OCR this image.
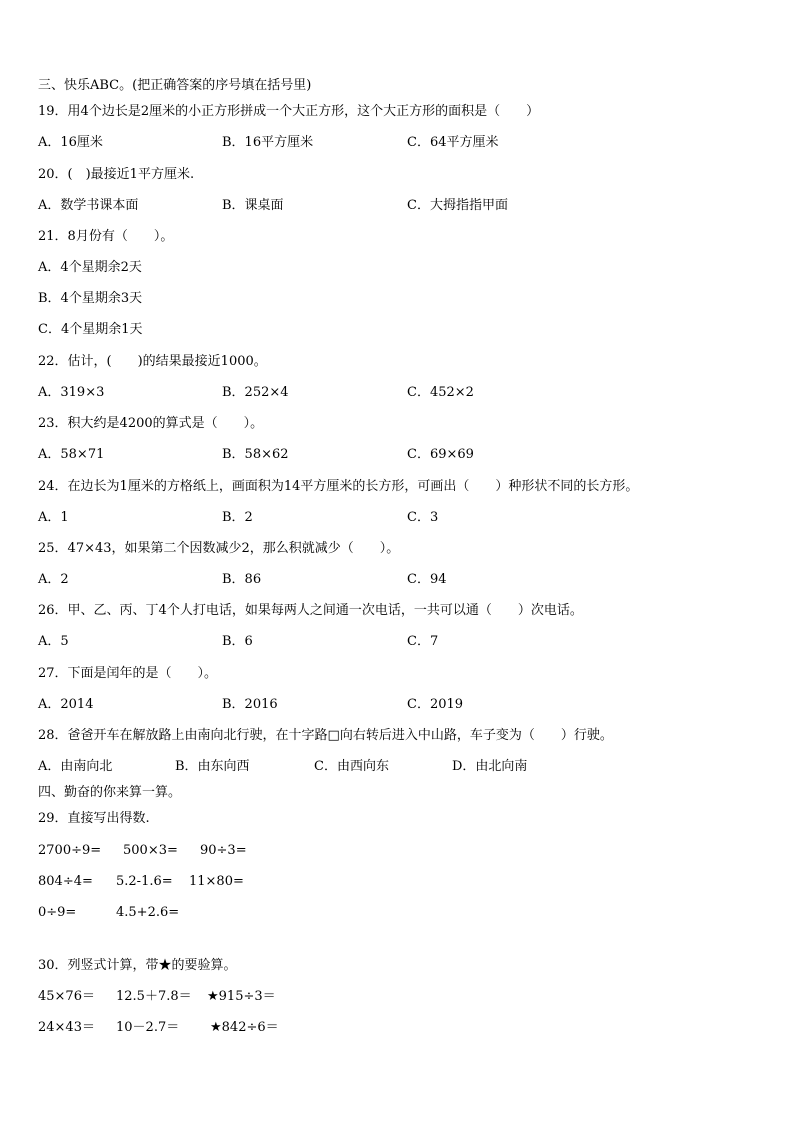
三、快乐ABC。(把正确答案的序号填在括号里)
19．用4个边长是2厘米的小正方形拼成一个大正方形，这个大正方形的面积是（　　）
A．16厘米	B．16平方厘米	C．64平方厘米
20．(　)最接近1平方厘米.
A．数学书课本面	B．课桌面	C．大拇指指甲面
21．8月份有（　　）。
A．4个星期余2天
B．4个星期余3天
C．4个星期余1天
22．估计，(　　)的结果最接近1000。
A．319×3	B．252×4	C．452×2
23．积大约是4200的算式是（　　）。
A．58×71	B．58×62	C．69×69
24．在边长为1厘米的方格纸上，画面积为14平方厘米的长方形，可画出（　　）种形状不同的长方形。
A．1	B．2	C．3
25．47×43，如果第二个因数减少2，那么积就减少（　　）。
A．2	B．86	C．94
26．甲、乙、丙、丁4个人打电话，如果每两人之间通一次电话，一共可以通（　　）次电话。
A．5	B．6	C．7
27．下面是闰年的是（　　）。
A．2014	B．2016	C．2019
28．爸爸开车在解放路上由南向北行驶，在十字路□向右转后进入中山路，车子变为（　　）行驶。
A．由南向北	B．由东向西	C．由西向东	D．由北向南
四、勤奋的你来算一算。
29．直接写出得数.
2700÷9= 500×3= 90÷3=
804÷4= 5.2-1.6= 11×80=
0÷9=	4.5+2.6=
30．列竖式计算，带★的要验算。
45×76＝ 12.5＋7.8＝ ★915÷3＝
24×43＝ 10－2.7＝ ★842÷6＝
